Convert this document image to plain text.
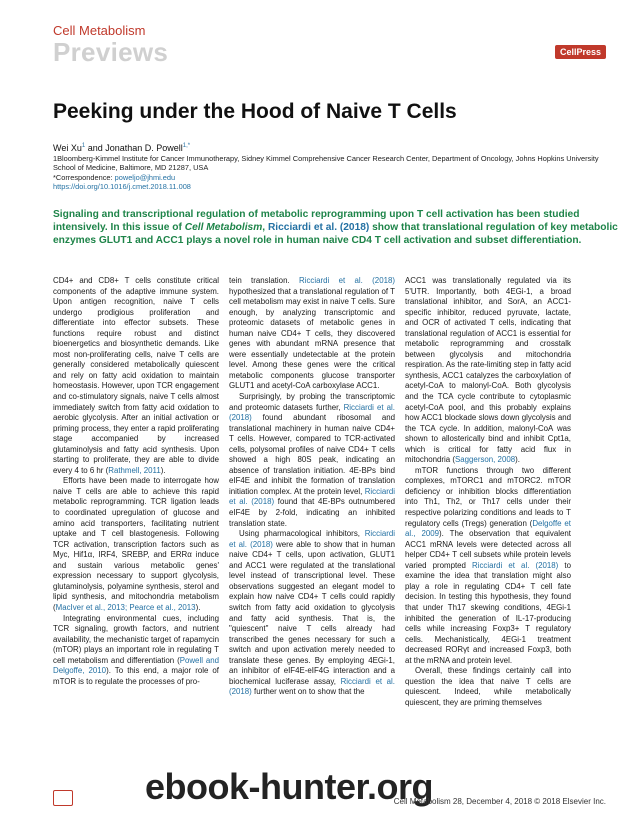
Cell Metabolism
Previews	CellPress
Peeking under the Hood of Naive T Cells
Wei Xu$^1$ and Jonathan D. Powell$^{1,*}$
1Bloomberg-Kimmel Institute for Cancer Immunotherapy, Sidney Kimmel Comprehensive Cancer Research Center, Department of Oncology, Johns Hopkins University School of Medicine, Baltimore, MD 21287, USA
*Correspondence: poweljo@jhmi.edu
https://doi.org/10.1016/j.cmet.2018.11.008
Signaling and transcriptional regulation of metabolic reprogramming upon T cell activation has been studied intensively. In this issue of Cell Metabolism, Ricciardi et al. (2018) show that translational regulation of key metabolic enzymes GLUT1 and ACC1 plays a novel role in human naive CD4 T cell activation and subset differentiation.

CD4+ and CD8+ T cells constitute critical components of the adaptive immune system. Upon antigen recognition, naive T cells undergo prodigious proliferation and differentiate into effector subsets. These functions require robust and distinct bioenergetics and biosynthetic demands. Like most non-proliferating cells, naive T cells are generally considered metabolically quiescent and rely on fatty acid oxidation to maintain homeostasis. However, upon TCR engagement and co-stimulatory signals, naive T cells almost immediately switch from fatty acid oxidation to aerobic glycolysis. After an initial activation or priming process, they enter a rapid proliferating stage accompanied by increased glutaminolysis and fatty acid synthesis. Upon starting to proliferate, they are able to divide every 4 to 6 hr (Rathmell, 2011).

Efforts have been made to interrogate how naive T cells are able to achieve this rapid metabolic reprogramming. TCR ligation leads to coordinated upregulation of glucose and amino acid transporters, facilitating nutrient uptake and T cell blastogenesis. Following TCR activation, transcription factors such as Myc, Hif1α, IRF4, SREBP, and ERRα induce and sustain various metabolic genes' expression necessary to support glycolysis, glutaminolysis, polyamine synthesis, sterol and lipid synthesis, and mitochondria metabolism (MacIver et al., 2013; Pearce et al., 2013).

Integrating environmental cues, including TCR signaling, growth factors, and nutrient availability, the mechanistic target of rapamycin (mTOR) plays an important role in regulating T cell metabolism and differentiation (Powell and Delgoffe, 2010). To this end, a major role of mTOR is to regulate the processes of pro-

tein translation. Ricciardi et al. (2018) hypothesized that a translational regulation of T cell metabolism may exist in naive T cells. Sure enough, by analyzing transcriptomic and proteomic datasets of metabolic genes in human naive CD4+ T cells, they discovered genes with abundant mRNA presence that were essentially undetectable at the protein level. Among these genes were the critical metabolic components glucose transporter GLUT1 and acetyl-CoA carboxylase ACC1.

Surprisingly, by probing the transcriptomic and proteomic datasets further, Ricciardi et al. (2018) found abundant ribosomal and translational machinery in human naive CD4+ T cells. However, compared to TCR-activated cells, polysomal profiles of naive CD4+ T cells showed a high 80S peak, indicating an absence of translation initiation. 4E-BPs bind eIF4E and inhibit the formation of translation initiation complex. At the protein level, Ricciardi et al. (2018) found that 4E-BPs outnumbered eIF4E by 2-fold, indicating an inhibited translation state.

Using pharmacological inhibitors, Ricciardi et al. (2018) were able to show that in human naive CD4+ T cells, upon activation, GLUT1 and ACC1 were regulated at the translational level instead of transcriptional level. These observations suggested an elegant model to explain how naive CD4+ T cells could rapidly switch from fatty acid oxidation to glycolysis and fatty acid synthesis. That is, the "quiescent" naive T cells already had transcribed the genes necessary for such a switch and upon activation merely needed to translate these genes. By employing 4EGi-1, an inhibitor of eIF4E-eIF4G interaction and a biochemical luciferase assay, Ricciardi et al. (2018) further went on to show that the

ACC1 was translationally regulated via its 5'UTR. Importantly, both 4EGi-1, a broad translational inhibitor, and SorA, an ACC1-specific inhibitor, reduced pyruvate, lactate, and OCR of activated T cells, indicating that translational regulation of ACC1 is essential for metabolic reprogramming and crosstalk between glycolysis and mitochondria respiration. As the rate-limiting step in fatty acid synthesis, ACC1 catalyzes the carboxylation of acetyl-CoA to malonyl-CoA. Both glycolysis and the TCA cycle contribute to cytoplasmic acetyl-CoA pool, and this probably explains how ACC1 blockade slows down glycolysis and the TCA cycle. In addition, malonyl-CoA was shown to allosterically bind and inhibit Cpt1a, which is critical for fatty acid flux in mitochondria (Saggerson, 2008).

mTOR functions through two different complexes, mTORC1 and mTORC2. mTOR deficiency or inhibition blocks differentiation into Th1, Th2, or Th17 cells under their respective polarizing conditions and leads to T regulatory cells (Tregs) generation (Delgoffe et al., 2009). The observation that equivalent ACC1 mRNA levels were detected across all helper CD4+ T cell subsets while protein levels varied prompted Ricciardi et al. (2018) to examine the idea that translation might also play a role in regulating CD4+ T cell fate decision. In testing this hypothesis, they found that under Th17 skewing conditions, 4EGi-1 inhibited the generation of IL-17-producing cells while increasing Foxp3+ T regulatory cells. Mechanistically, 4EGi-1 treatment decreased RORγt and increased Foxp3, both at the mRNA and protein level.

Overall, these findings certainly call into question the idea that naive T cells are quiescent. Indeed, while metabolically quiescent, they are priming themselves

ebook-hunter.org
Cell Metabolism 28, December 4, 2018 © 2018 Elsevier Inc.
